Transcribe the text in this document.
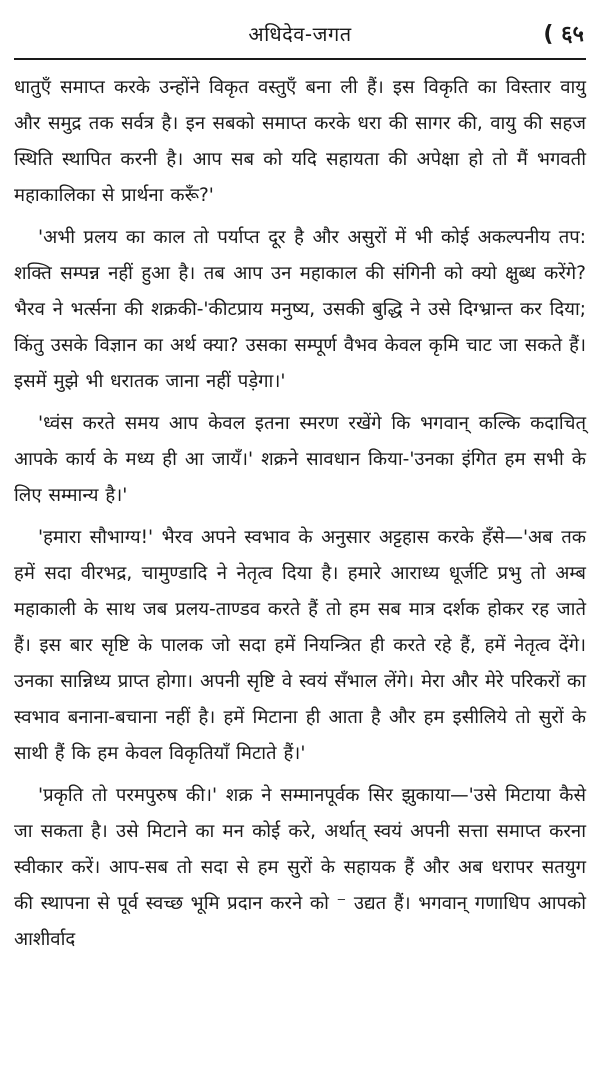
अधिदेव-जगत	( ६५

धातुएँ समाप्त करके उन्होंने विकृत वस्तुएँ बना ली हैं। इस विकृति का विस्तार वायु और समुद्र तक सर्वत्र है। इन सबको समाप्त करके धरा की सागर की, वायु की सहज स्थिति स्थापित करनी है। आप सब को यदि सहायता की अपेक्षा हो तो मैं भगवती महाकालिका से प्रार्थना करूँ?'

'अभी प्रलय का काल तो पर्याप्त दूर है और असुरों में भी कोई अकल्पनीय तप: शक्ति सम्पन्न नहीं हुआ है। तब आप उन महाकाल की संगिनी को क्यो क्षुब्ध करेंगे? भैरव ने भर्त्सना की शक्रकी-'कीटप्राय मनुष्य, उसकी बुद्धि ने उसे दिग्भ्रान्त कर दिया; किंतु उसके विज्ञान का अर्थ क्या? उसका सम्पूर्ण वैभव केवल कृमि चाट जा सकते हैं। इसमें मुझे भी धरातक जाना नहीं पड़ेगा।'

'ध्वंस करते समय आप केवल इतना स्मरण रखेंगे कि भगवान् कल्कि कदाचित् आपके कार्य के मध्य ही आ जायँ।' शक्रने सावधान किया-'उनका इंगित हम सभी के लिए सम्मान्य है।'

'हमारा सौभाग्य!' भैरव अपने स्वभाव के अनुसार अट्टहास करके हँसे—'अब तक हमें सदा वीरभद्र, चामुण्डादि ने नेतृत्व दिया है। हमारे आराध्य धूर्जटि प्रभु तो अम्ब महाकाली के साथ जब प्रलय-ताण्डव करते हैं तो हम सब मात्र दर्शक होकर रह जाते हैं। इस बार सृष्टि के पालक जो सदा हमें नियन्त्रित ही करते रहे हैं, हमें नेतृत्व देंगे। उनका सान्निध्य प्राप्त होगा। अपनी सृष्टि वे स्वयं सँभाल लेंगे। मेरा और मेरे परिकरों का स्वभाव बनाना-बचाना नहीं है। हमें मिटाना ही आता है और हम इसीलिये तो सुरों के साथी हैं कि हम केवल विकृतियाँ मिटाते हैं।'

'प्रकृति तो परमपुरुष की।' शक्र ने सम्मानपूर्वक सिर झुकाया—'उसे मिटाया कैसे जा सकता है। उसे मिटाने का मन कोई करे, अर्थात् स्वयं अपनी सत्ता समाप्त करना स्वीकार करें। आप-सब तो सदा से हम सुरों के सहायक हैं और अब धरापर सतयुग की स्थापना से पूर्व स्वच्छ भूमि प्रदान करने को ⁻ उद्यत हैं। भगवान् गणाधिप आपको आशीर्वाद
